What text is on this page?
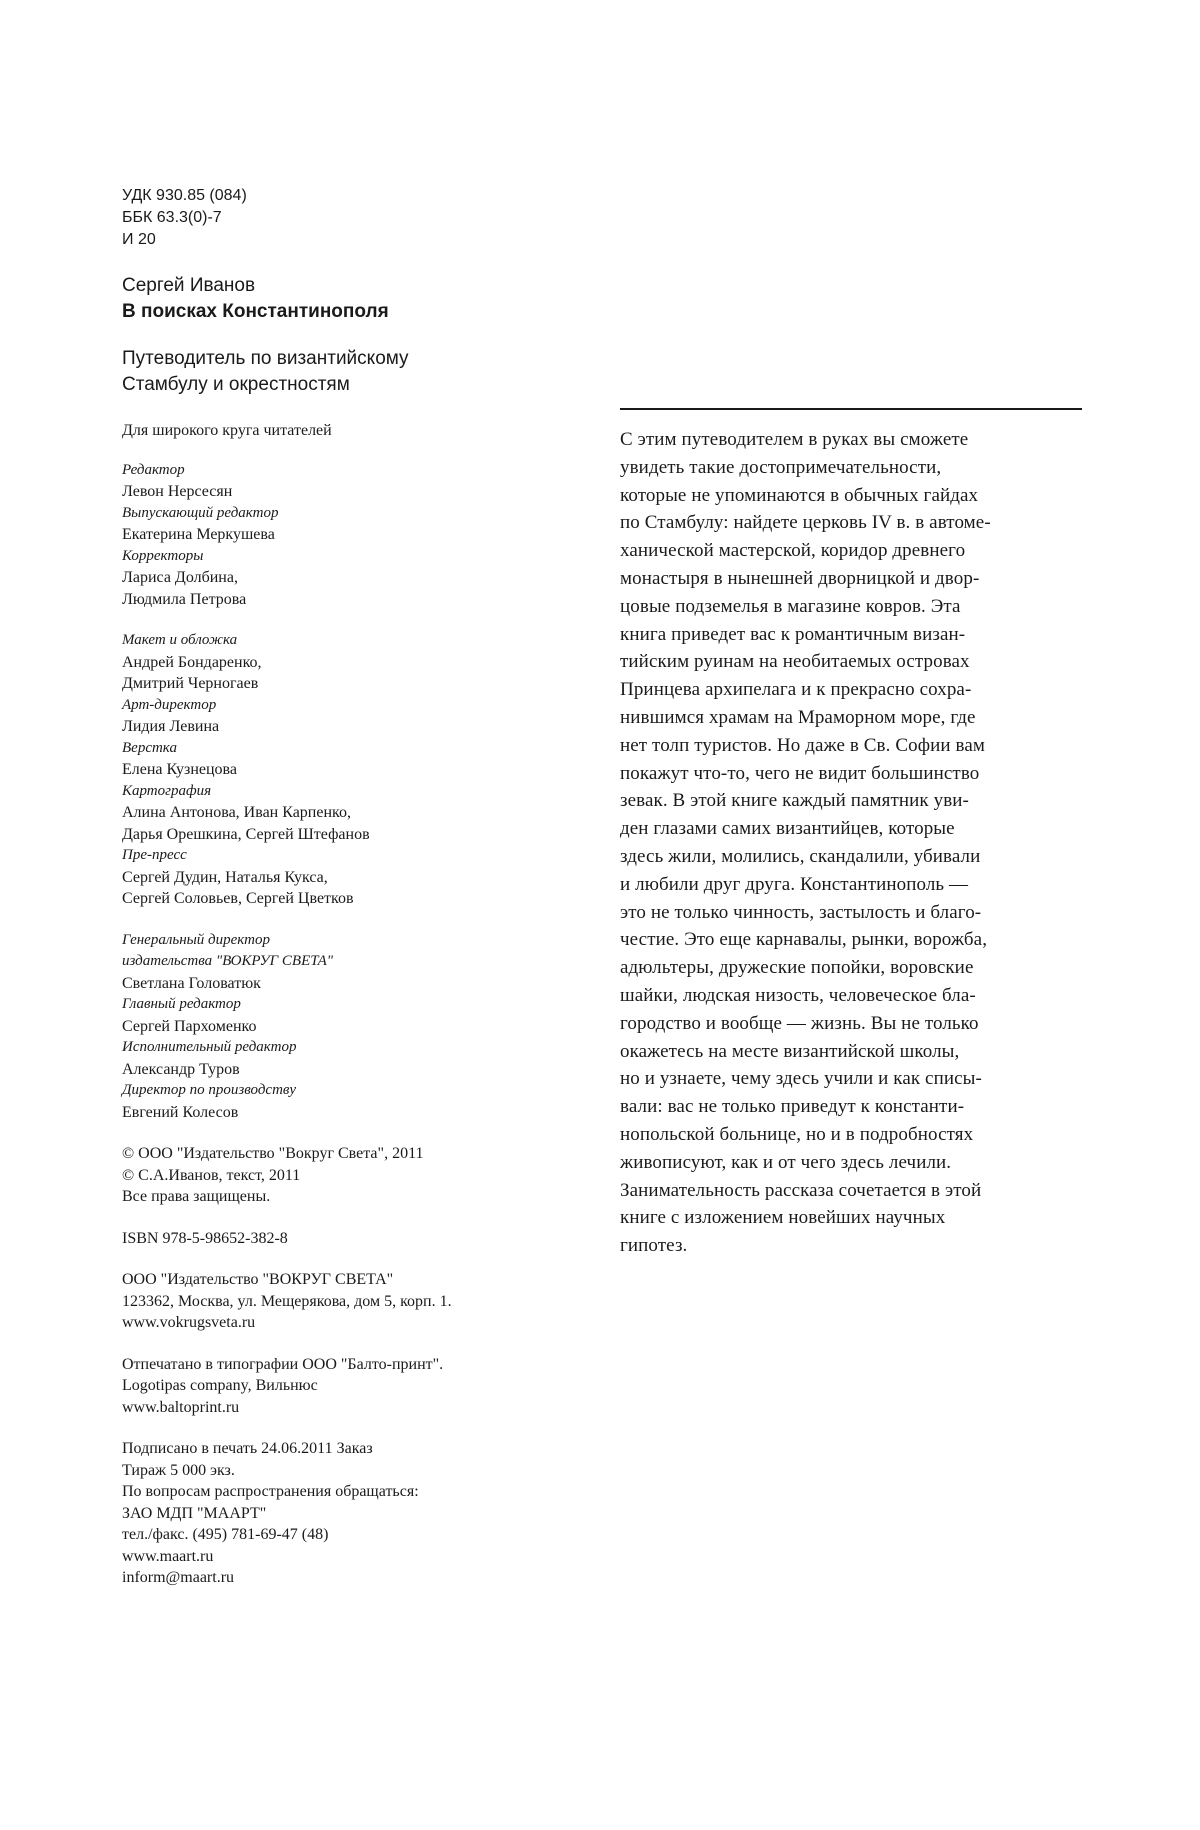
УДК 930.85 (084)
ББК 63.3(0)-7
И 20
Сергей Иванов
В поисках Константинополя
Путеводитель по византийскому
Стамбулу и окрестностям
Для широкого круга читателей
Редактор
Левон Нерсесян
Выпускающий редактор
Екатерина Меркушева
Корректоры
Лариса Долбина,
Людмила Петрова
Макет и обложка
Андрей Бондаренко,
Дмитрий Черногаев
Арт-директор
Лидия Левина
Верстка
Елена Кузнецова
Картография
Алина Антонова, Иван Карпенко,
Дарья Орешкина, Сергей Штефанов
Пре-пресс
Сергей Дудин, Наталья Кукса,
Сергей Соловьев, Сергей Цветков
Генеральный директор
издательства "ВОКРУГ СВЕТА"
Светлана Головатюк
Главный редактор
Сергей Пархоменко
Исполнительный редактор
Александр Туров
Директор по производству
Евгений Колесов
© ООО "Издательство "Вокруг Света", 2011
© С.А.Иванов, текст, 2011
Все права защищены.
ISBN 978-5-98652-382-8
ООО "Издательство "ВОКРУГ СВЕТА"
123362, Москва, ул. Мещерякова, дом 5, корп. 1.
www.vokrugsveta.ru
Отпечатано в типографии ООО "Балто-принт".
Logotipas company, Вильнюс
www.baltoprint.ru
Подписано в печать 24.06.2011 Заказ
Тираж 5 000 экз.
По вопросам распространения обращаться:
ЗАО МДП "МААРТ"
тел./факс. (495) 781-69-47 (48)
www.maart.ru
inform@maart.ru
С этим путеводителем в руках вы сможете
увидеть такие достопримечательности,
которые не упоминаются в обычных гайдах
по Стамбулу: найдете церковь IV в. в автоме-
ханической мастерской, коридор древнего
монастыря в нынешней дворницкой и двор-
цовые подземелья в магазине ковров. Эта
книга приведет вас к романтичным визан-
тийским руинам на необитаемых островах
Принцева архипелага и к прекрасно сохра-
нившимся храмам на Мраморном море, где
нет толп туристов. Но даже в Св. Софии вам
покажут что-то, чего не видит большинство
зевак. В этой книге каждый памятник уви-
ден глазами самих византийцев, которые
здесь жили, молились, скандалили, убивали
и любили друг друга. Константинополь —
это не только чинность, застылость и благо-
честие. Это еще карнавалы, рынки, ворожба,
адюльтеры, дружеские попойки, воровские
шайки, людская низость, человеческое бла-
городство и вообще — жизнь. Вы не только
окажетесь на месте византийской школы,
но и узнаете, чему здесь учили и как списы-
вали: вас не только приведут к константи-
нопольской больнице, но и в подробностях
живописуют, как и от чего здесь лечили.
Занимательность рассказа сочетается в этой
книге с изложением новейших научных
гипотез.
